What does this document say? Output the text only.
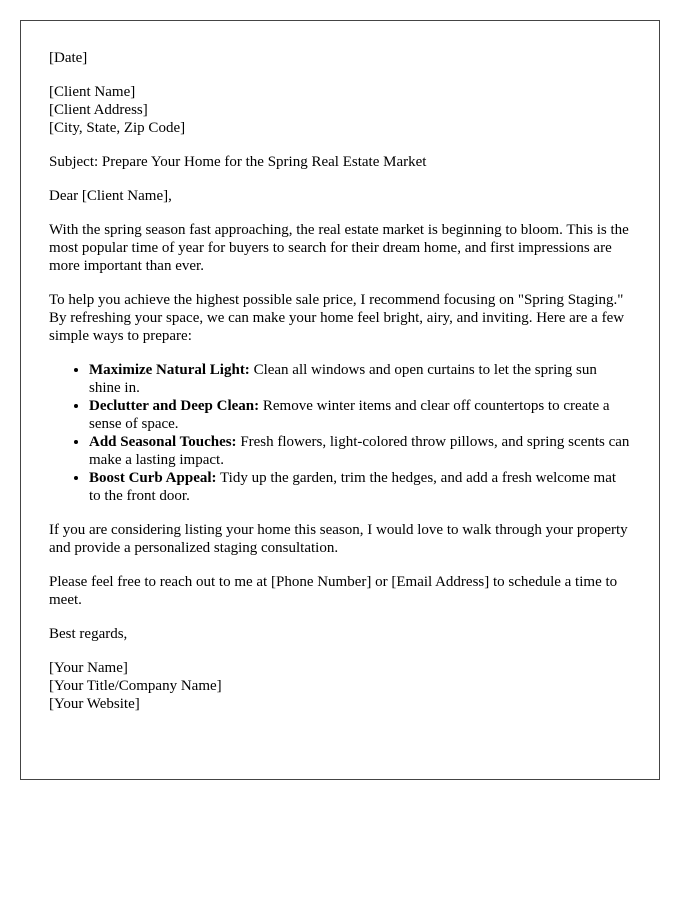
[Date]
[Client Name]
[Client Address]
[City, State, Zip Code]
Subject: Prepare Your Home for the Spring Real Estate Market
Dear [Client Name],
With the spring season fast approaching, the real estate market is beginning to bloom. This is the most popular time of year for buyers to search for their dream home, and first impressions are more important than ever.
To help you achieve the highest possible sale price, I recommend focusing on "Spring Staging." By refreshing your space, we can make your home feel bright, airy, and inviting. Here are a few simple ways to prepare:
• Maximize Natural Light: Clean all windows and open curtains to let the spring sun shine in.
• Declutter and Deep Clean: Remove winter items and clear off countertops to create a sense of space.
• Add Seasonal Touches: Fresh flowers, light-colored throw pillows, and spring scents can make a lasting impact.
• Boost Curb Appeal: Tidy up the garden, trim the hedges, and add a fresh welcome mat to the front door.
If you are considering listing your home this season, I would love to walk through your property and provide a personalized staging consultation.
Please feel free to reach out to me at [Phone Number] or [Email Address] to schedule a time to meet.
Best regards,
[Your Name]
[Your Title/Company Name]
[Your Website]
